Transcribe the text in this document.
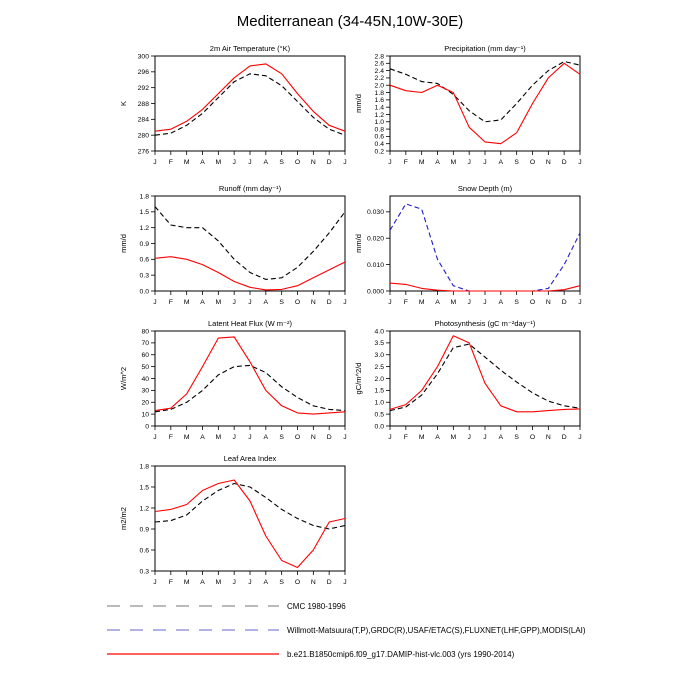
Mediterranean (34-45N,10W-30E)
2m Air Temperature (°K)
K
276
280
284
288
292
296
300
J F M A M J J A S O N D J
Precipitation (mm day⁻¹)
mm/d
0.2
0.4
0.6
0.8
1.0
1.2
1.4
1.6
1.8
2.0
2.2
2.4
2.6
2.8
J F M A M J J A S O N D J
Runoff (mm day⁻¹)
mm/d
0.0
0.3
0.6
0.9
1.2
1.5
1.8
J F M A M J J A S O N D J
Snow Depth (m)
mm/d
0.000
0.010
0.020
0.030
J F M A M J J A S O N D J
Latent Heat Flux (W m⁻²)
W/m^2
0
10
20
30
40
50
60
70
80
J F M A M J J A S O N D J
Photosynthesis (gC m⁻²day⁻¹)
gC/m^2/d
0.0
0.5
1.0
1.5
2.0
2.5
3.0
3.5
4.0
J F M A M J J A S O N D J
Leaf Area Index
m2/m2
0.3
0.6
0.9
1.2
1.5
1.8
J F M A M J J A S O N D J
CMC 1980-1996
Willmott-Matsuura(T,P),GRDC(R),USAF/ETAC(S),FLUXNET(LHF,GPP),MODIS(LAI)
b.e21.B1850cmip6.f09_g17.DAMIP-hist-vlc.003 (yrs 1990-2014)
